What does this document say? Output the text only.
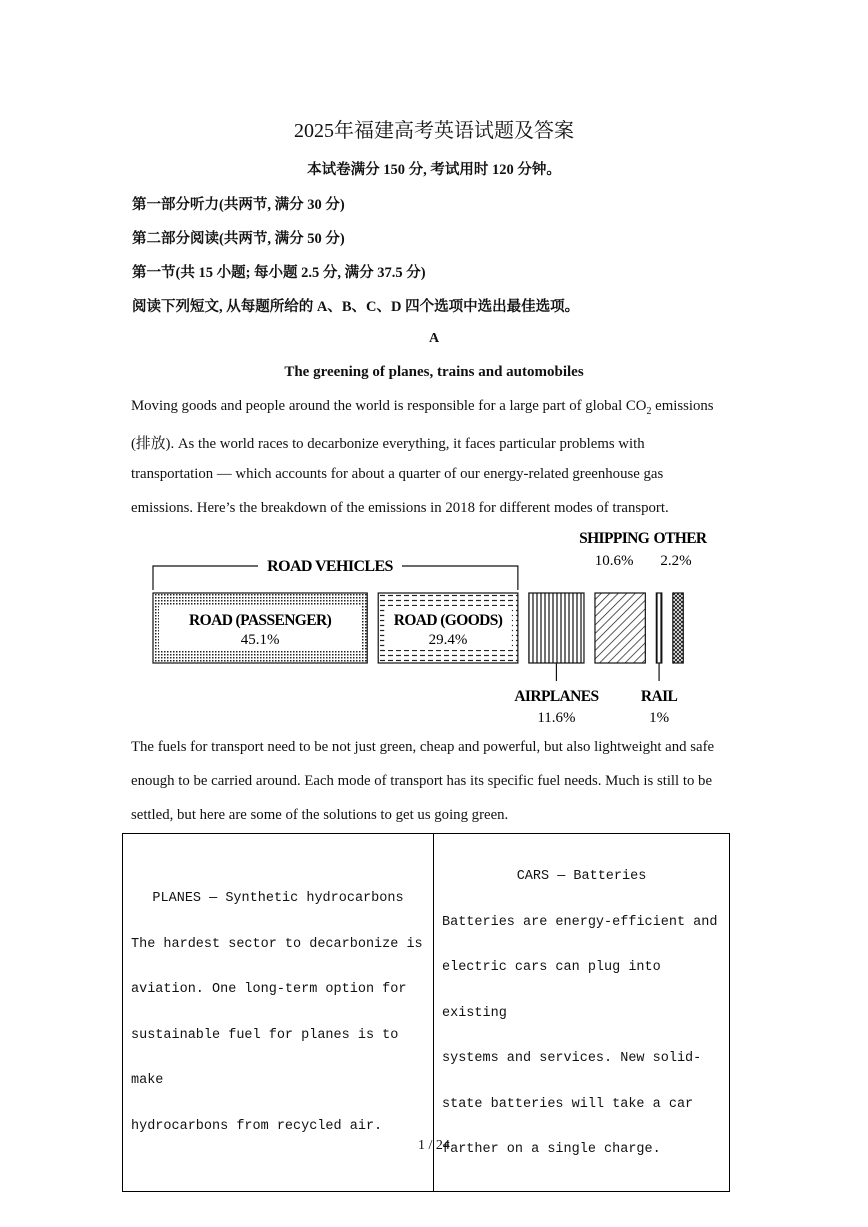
2025年福建高考英语试题及答案
本试卷满分 150 分, 考试用时 120 分钟。
第一部分听力(共两节, 满分 30 分)
第二部分阅读(共两节, 满分 50 分)
第一节(共 15 小题; 每小题 2.5 分, 满分 37.5 分)
阅读下列短文, 从每题所给的 A、B、C、D 四个选项中选出最佳选项。
A
The greening of planes, trains and automobiles
Moving goods and people around the world is responsible for a large part of global $CO_2$ emissions
(排放). As the world races to decarbonize everything, it faces particular problems with
transportation — which accounts for about a quarter of our energy-related greenhouse gas
emissions. Here’s the breakdown of the emissions in 2018 for different modes of transport.
ROAD (PASSENGER)
45.1%
ROAD (GOODS)
29.4%
ROAD VEHICLES
SHIPPING
10.6%
OTHER
2.2%
AIRPLANES
11.6%
RAIL
1%
The fuels for transport need to be not just green, cheap and powerful, but also lightweight and safe
enough to be carried around. Each mode of transport has its specific fuel needs. Much is still to be
settled, but here are some of the solutions to get us going green.
PLANES — Synthetic hydrocarbons
The hardest sector to decarbonize is
aviation. One long-term option for
sustainable fuel for planes is to make
hydrocarbons from recycled air.

CARS — Batteries
Batteries are energy-efficient and
electric cars can plug into existing
systems and services. New solid-
state batteries will take a car
farther on a single charge.
1 / 24
